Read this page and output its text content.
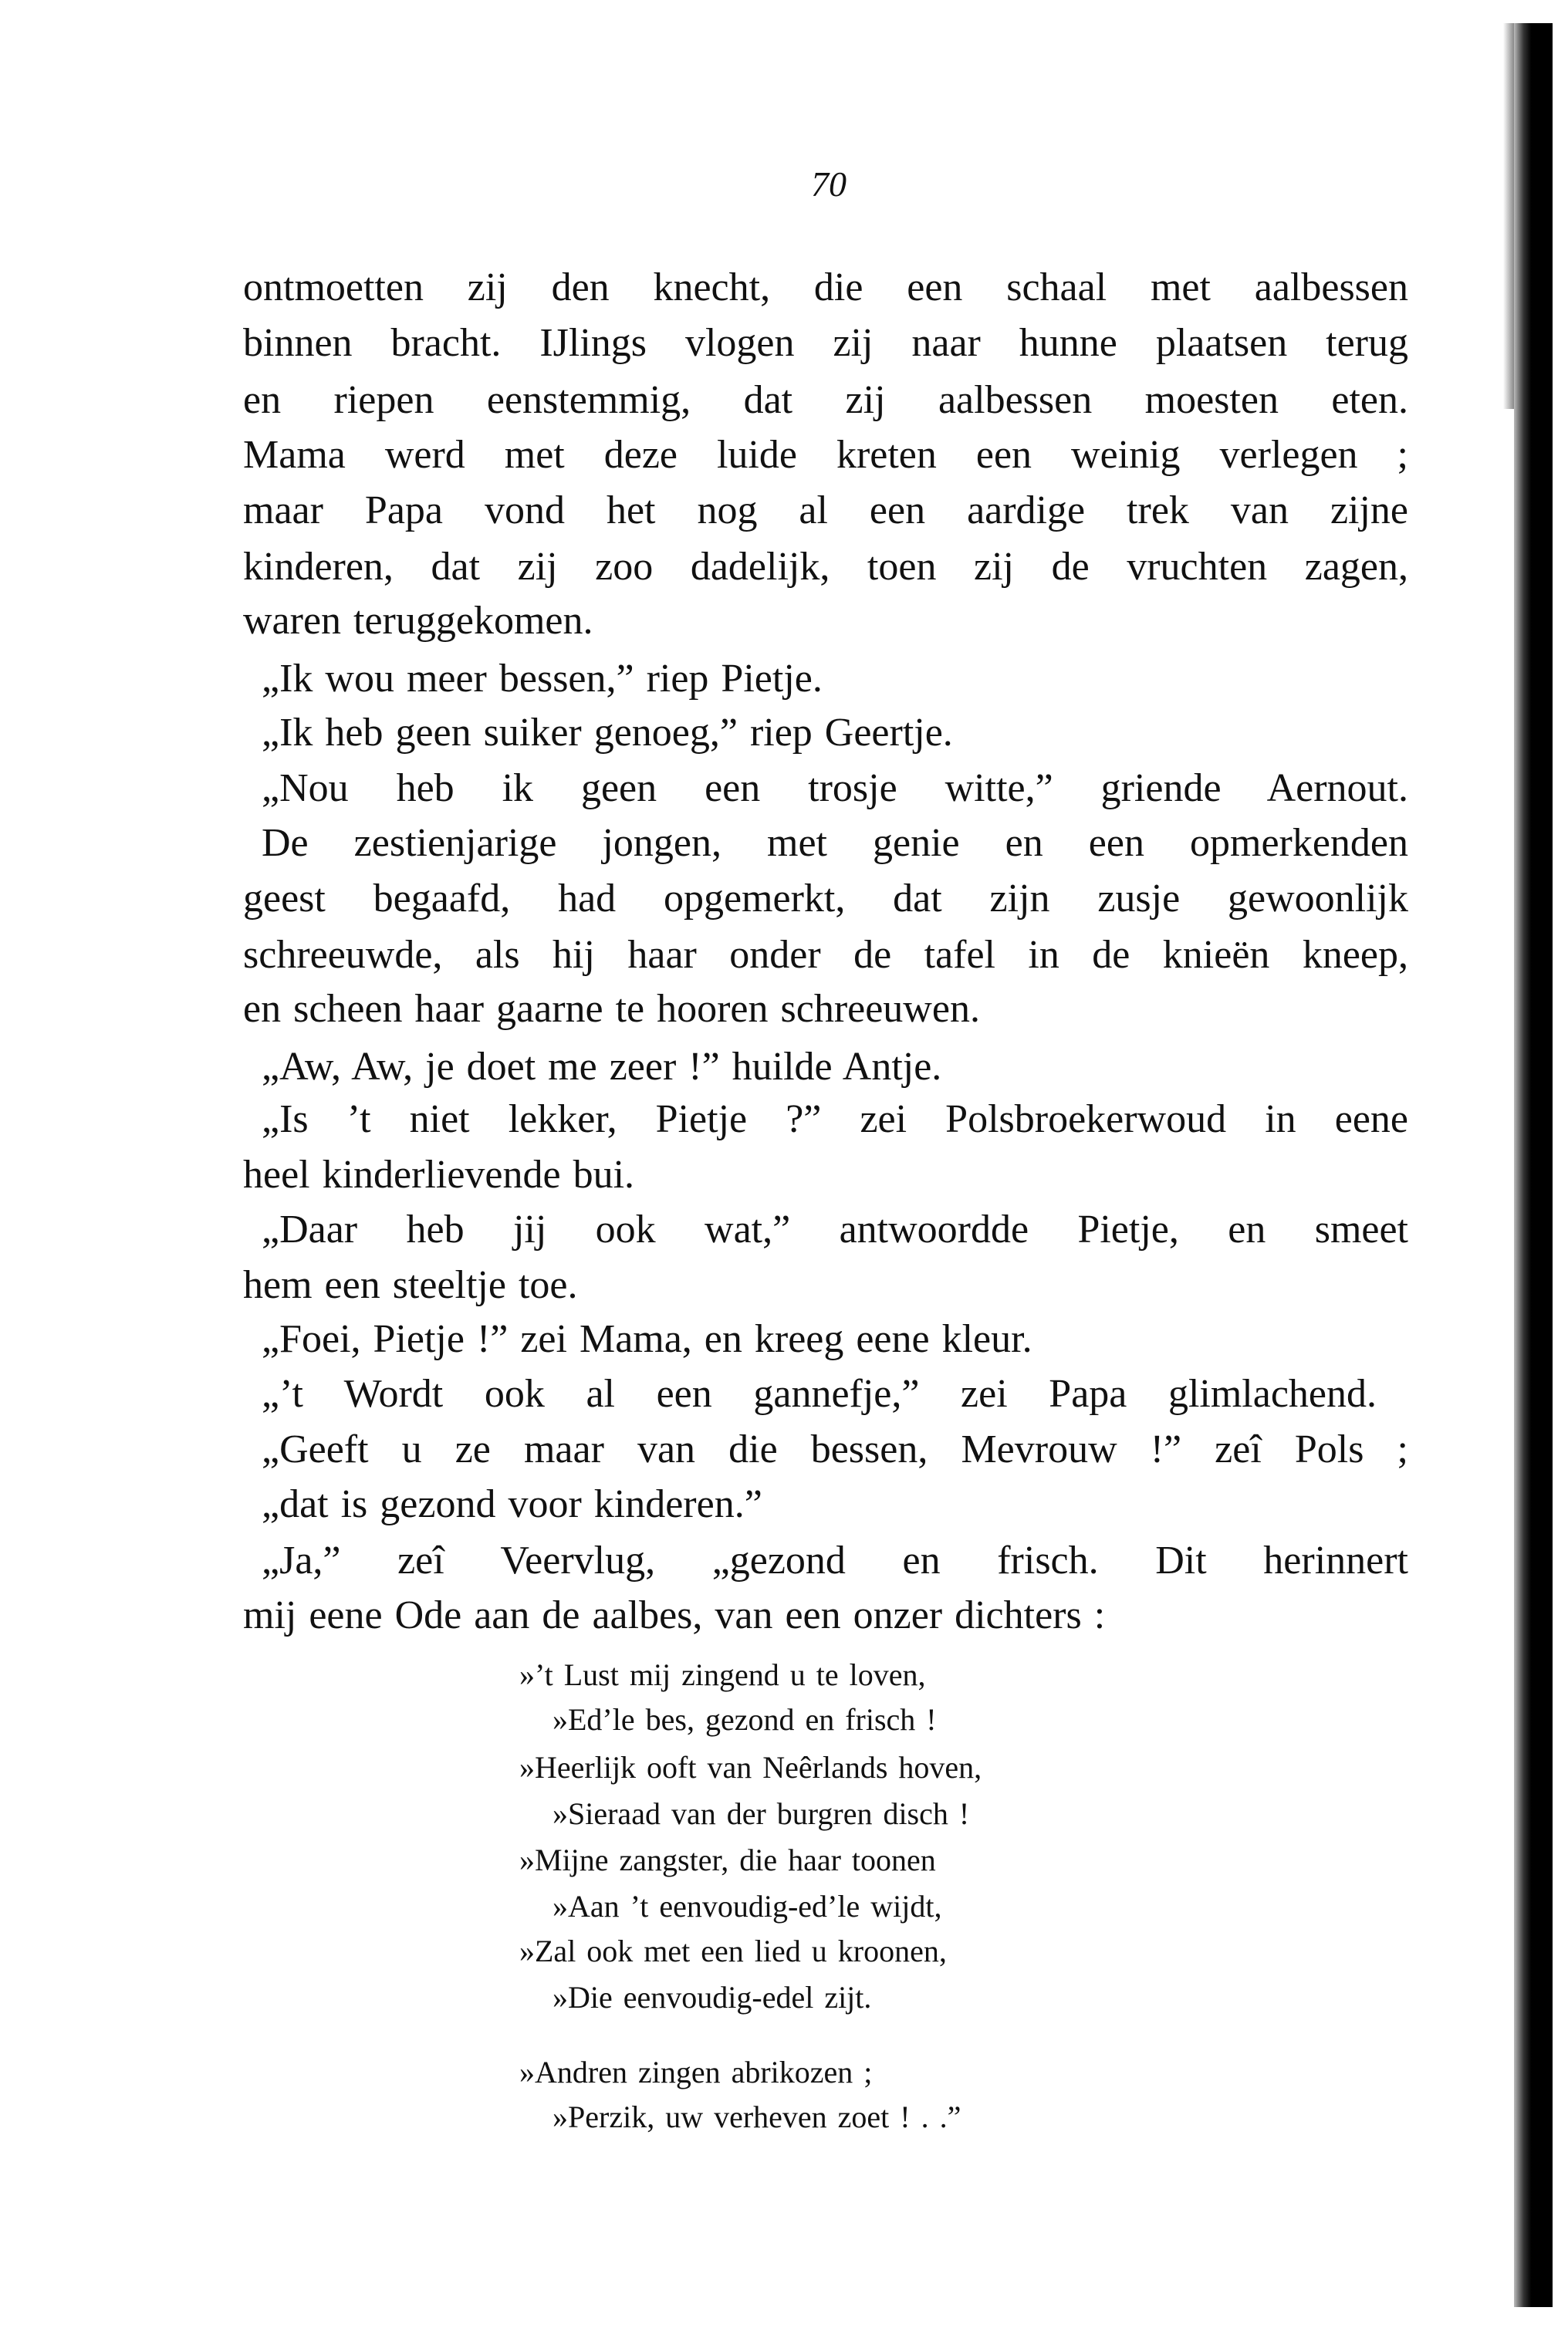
70
ontmoetten zij den knecht, die een schaal met aalbessen
binnen bracht. IJlings vlogen zij naar hunne plaatsen terug
en riepen eenstemmig, dat zij aalbessen moesten eten.
Mama werd met deze luide kreten een weinig verlegen ;
maar Papa vond het nog al een aardige trek van zijne
kinderen, dat zij zoo dadelijk, toen zij de vruchten zagen,
waren teruggekomen.
„Ik wou meer bessen,” riep Pietje.
„Ik heb geen suiker genoeg,” riep Geertje.
„Nou heb ik geen een trosje witte,” griende Aernout.
De zestienjarige jongen, met genie en een opmerkenden
geest begaafd, had opgemerkt, dat zijn zusje gewoonlijk
schreeuwde, als hij haar onder de tafel in de knieën kneep,
en scheen haar gaarne te hooren schreeuwen.
„Aw, Aw, je doet me zeer !” huilde Antje.
„Is ’t niet lekker, Pietje ?” zei Polsbroekerwoud in eene
heel kinderlievende bui.
„Daar heb jij ook wat,” antwoordde Pietje, en smeet
hem een steeltje toe.
„Foei, Pietje !” zei Mama, en kreeg eene kleur.
„’t Wordt ook al een gannefje,” zei Papa glimlachend.
„Geeft u ze maar van die bessen, Mevrouw !” zeî Pols ;
„dat is gezond voor kinderen.”
„Ja,” zeî Veervlug, „gezond en frisch. Dit herinnert
mij eene Ode aan de aalbes, van een onzer dichters :
»’t Lust mij zingend u te loven,
»Ed’le bes, gezond en frisch !
»Heerlijk ooft van Neêrlands hoven,
»Sieraad van der burgren disch !
»Mijne zangster, die haar toonen
»Aan ’t eenvoudig-ed’le wijdt,
»Zal ook met een lied u kroonen,
»Die eenvoudig-edel zijt.
»Andren zingen abrikozen ;
»Perzik, uw verheven zoet ! . .”
